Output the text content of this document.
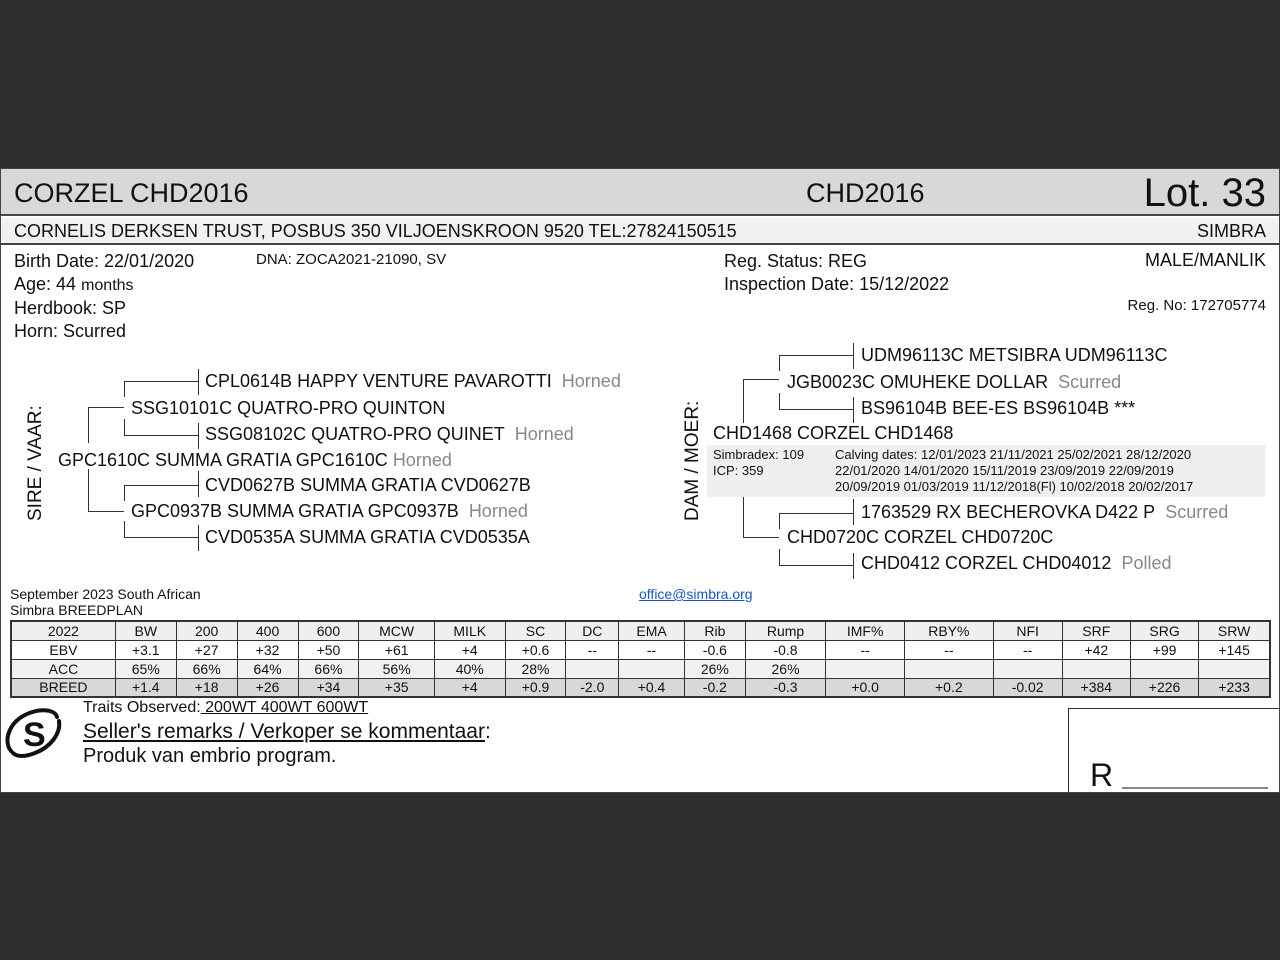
CORZEL CHD2016	CHD2016	Lot. 33
CORNELIS DERKSEN TRUST, POSBUS 350 VILJOENSKROON 9520 TEL:27824150515	SIMBRA
Birth Date: 22/01/2020
Age: 44 months
Herdbook: SP
Horn: Scurred
DNA: ZOCA2021-21090, SV	Reg. Status: REG
Inspection Date: 15/12/2022
MALE/MANLIK
Reg. No: 172705774
SIRE / VAAR:
CPL0614B HAPPY VENTURE PAVAROTTI Horned
SSG10101C QUATRO-PRO QUINTON
SSG08102C QUATRO-PRO QUINET Horned
GPC1610C SUMMA GRATIA GPC1610C Horned
CVD0627B SUMMA GRATIA CVD0627B
GPC0937B SUMMA GRATIA GPC0937B Horned
CVD0535A SUMMA GRATIA CVD0535A
DAM / MOER:
UDM96113C METSIBRA UDM96113C
JGB0023C OMUHEKE DOLLAR Scurred
BS96104B BEE-ES BS96104B ***
CHD1468 CORZEL CHD1468
Simbradex: 109
ICP: 359
Calving dates: 12/01/2023 21/11/2021 25/02/2021 28/12/2020
22/01/2020 14/01/2020 15/11/2019 23/09/2019 22/09/2019
20/09/2019 01/03/2019 11/12/2018(Fl) 10/02/2018 20/02/2017
1763529 RX BECHEROVKA D422 P Scurred
CHD0720C CORZEL CHD0720C
CHD0412 CORZEL CHD04012 Polled
September 2023 South African
Simbra BREEDPLAN
office@simbra.org
2022	BW	200	400	600	MCW	MILK	SC	DC	EMA	Rib	Rump	IMF%	RBY%	NFI	SRF	SRG	SRW
EBV	+3.1	+27	+32	+50	+61	+4	+0.6	--	--	-0.6	-0.8	--	--	--	+42	+99	+145
ACC	65%	66%	64%	66%	56%	40%	28%			26%	26%						
BREED	+1.4	+18	+26	+34	+35	+4	+0.9	-2.0	+0.4	-0.2	-0.3	+0.0	+0.2	-0.02	+384	+226	+233
S
Traits Observed: 200WT 400WT 600WT
Seller's remarks / Verkoper se kommentaar:
Produk van embrio program.
R
